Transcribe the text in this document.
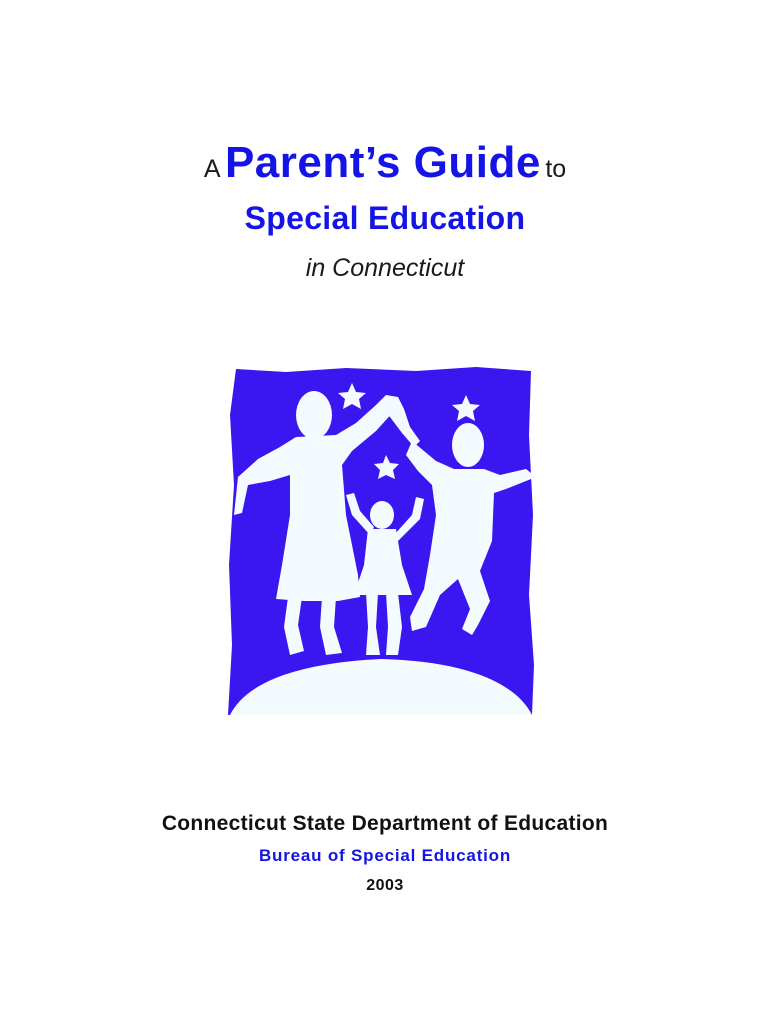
A Parent’s Guide to
Special Education
in Connecticut
Connecticut State Department of Education
Bureau of Special Education
2003
